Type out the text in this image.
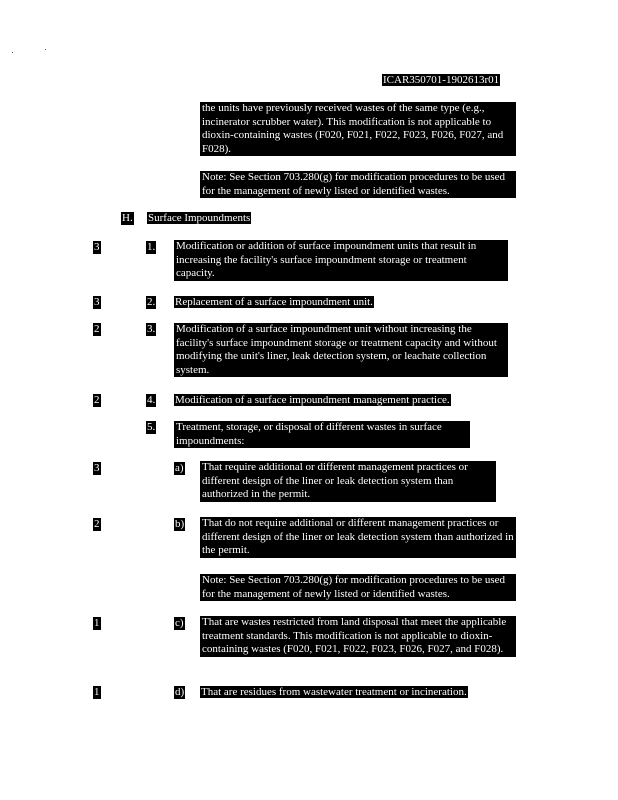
ICAR350701-1902613r01
the units have previously received wastes of the same type (e.g., incinerator scrubber water). This modification is not applicable to dioxin-containing wastes (F020, F021, F022, F023, F026, F027, and F028).
Note: See Section 703.280(g) for modification procedures to be used for the management of newly listed or identified wastes.
H. Surface Impoundments
3	1. Modification or addition of surface impoundment units that result in increasing the facility's surface impoundment storage or treatment capacity.
3	2. Replacement of a surface impoundment unit.
2	3. Modification of a surface impoundment unit without increasing the facility's surface impoundment storage or treatment capacity and without modifying the unit's liner, leak detection system, or leachate collection system.
2	4. Modification of a surface impoundment management practice.
5. Treatment, storage, or disposal of different wastes in surface impoundments:
3	a) That require additional or different management practices or different design of the liner or leak detection system than authorized in the permit.
2	b) That do not require additional or different management practices or different design of the liner or leak detection system than authorized in the permit.
Note: See Section 703.280(g) for modification procedures to be used for the management of newly listed or identified wastes.
1	c) That are wastes restricted from land disposal that meet the applicable treatment standards. This modification is not applicable to dioxin-containing wastes (F020, F021, F022, F023, F026, F027, and F028).
1	d) That are residues from wastewater treatment or incineration.
